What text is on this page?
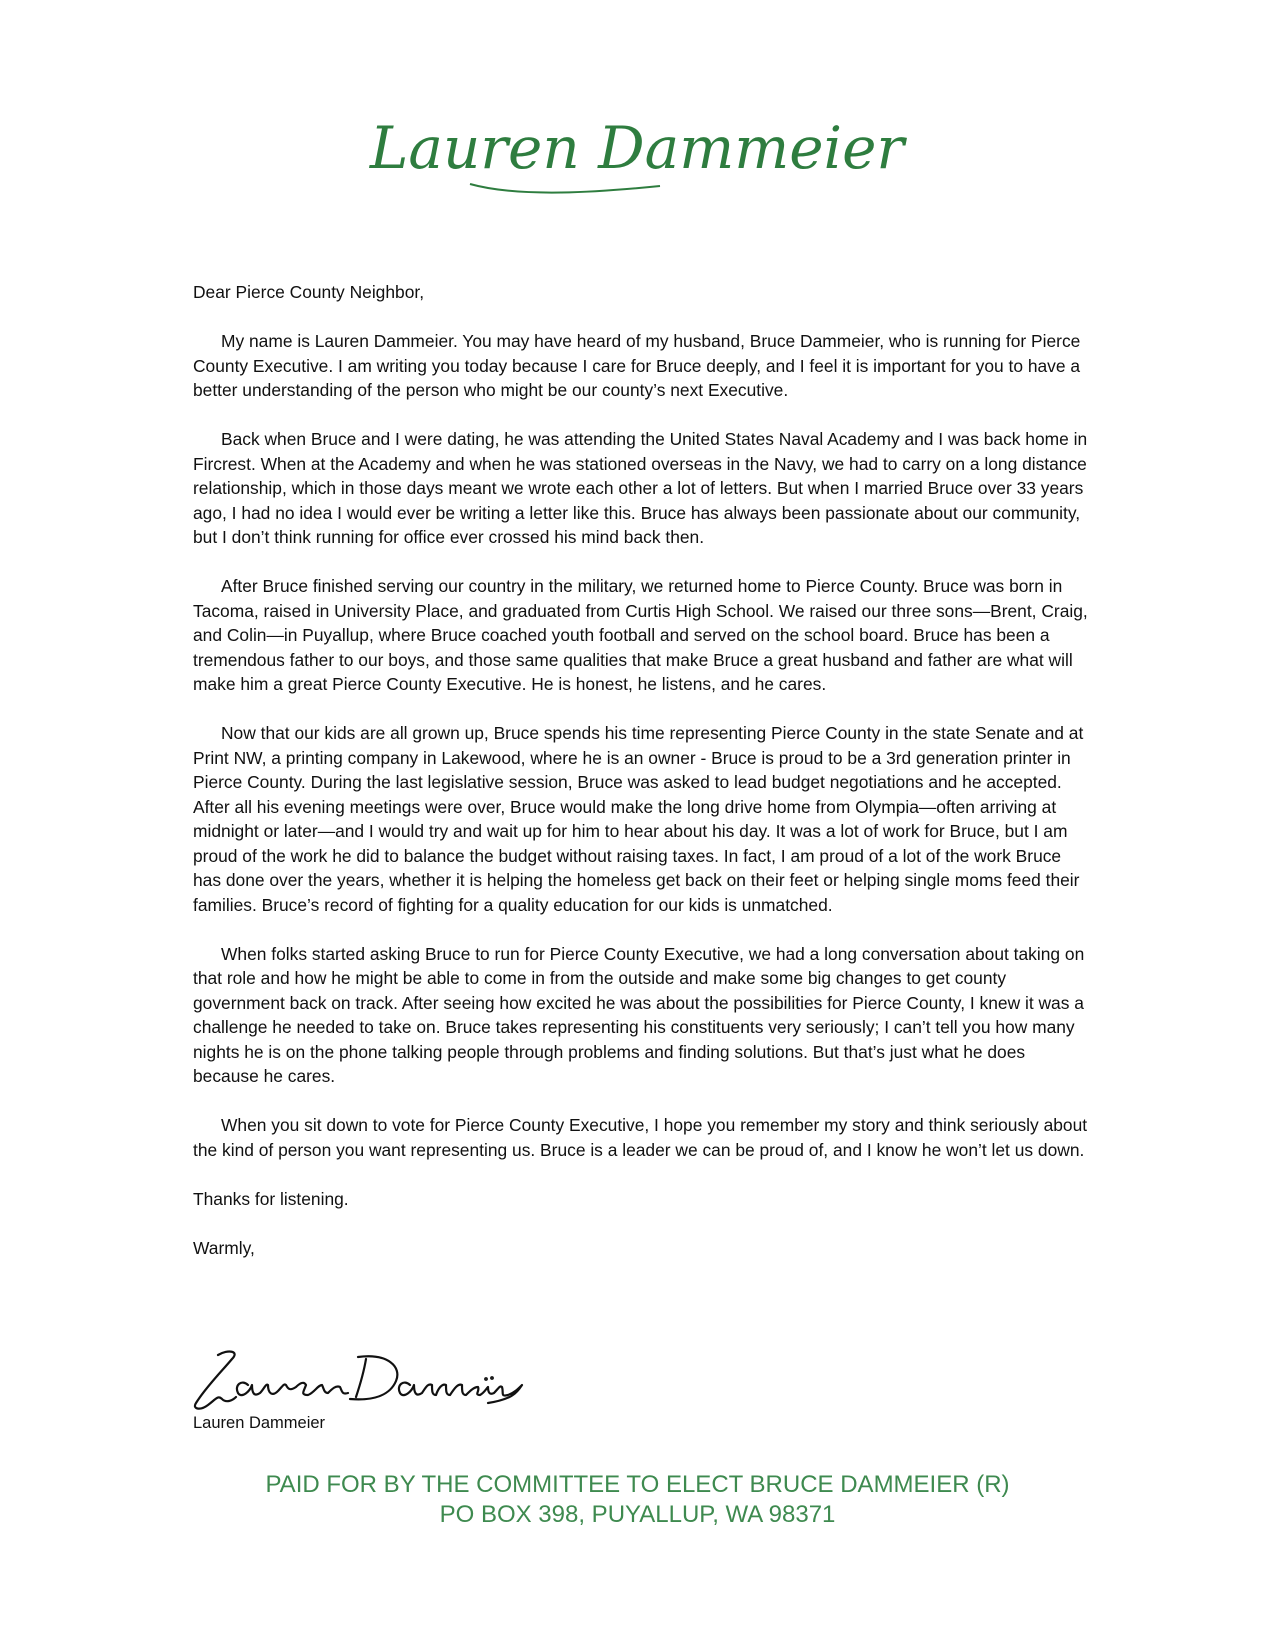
Lauren Dammeier

Dear Pierce County Neighbor,

My name is Lauren Dammeier. You may have heard of my husband, Bruce Dammeier, who is running for Pierce County Executive. I am writing you today because I care for Bruce deeply, and I feel it is important for you to have a better understanding of the person who might be our county’s next Executive.

Back when Bruce and I were dating, he was attending the United States Naval Academy and I was back home in Fircrest. When at the Academy and when he was stationed overseas in the Navy, we had to carry on a long distance relationship, which in those days meant we wrote each other a lot of letters. But when I married Bruce over 33 years ago, I had no idea I would ever be writing a letter like this. Bruce has always been passionate about our community, but I don’t think running for office ever crossed his mind back then.

After Bruce finished serving our country in the military, we returned home to Pierce County. Bruce was born in Tacoma, raised in University Place, and graduated from Curtis High School. We raised our three sons—Brent, Craig, and Colin—in Puyallup, where Bruce coached youth football and served on the school board. Bruce has been a tremendous father to our boys, and those same qualities that make Bruce a great husband and father are what will make him a great Pierce County Executive. He is honest, he listens, and he cares.

Now that our kids are all grown up, Bruce spends his time representing Pierce County in the state Senate and at Print NW, a printing company in Lakewood, where he is an owner - Bruce is proud to be a 3rd generation printer in Pierce County. During the last legislative session, Bruce was asked to lead budget negotiations and he accepted. After all his evening meetings were over, Bruce would make the long drive home from Olympia—often arriving at midnight or later—and I would try and wait up for him to hear about his day. It was a lot of work for Bruce, but I am proud of the work he did to balance the budget without raising taxes. In fact, I am proud of a lot of the work Bruce has done over the years, whether it is helping the homeless get back on their feet or helping single moms feed their families. Bruce’s record of fighting for a quality education for our kids is unmatched.

When folks started asking Bruce to run for Pierce County Executive, we had a long conversation about taking on that role and how he might be able to come in from the outside and make some big changes to get county government back on track. After seeing how excited he was about the possibilities for Pierce County, I knew it was a challenge he needed to take on. Bruce takes representing his constituents very seriously; I can’t tell you how many nights he is on the phone talking people through problems and finding solutions. But that’s just what he does because he cares.

When you sit down to vote for Pierce County Executive, I hope you remember my story and think seriously about the kind of person you want representing us. Bruce is a leader we can be proud of, and I know he won’t let us down.

Thanks for listening.

Warmly,

Lauren Dammeier
PAID FOR BY THE COMMITTEE TO ELECT BRUCE DAMMEIER (R)
PO BOX 398, PUYALLUP, WA 98371
